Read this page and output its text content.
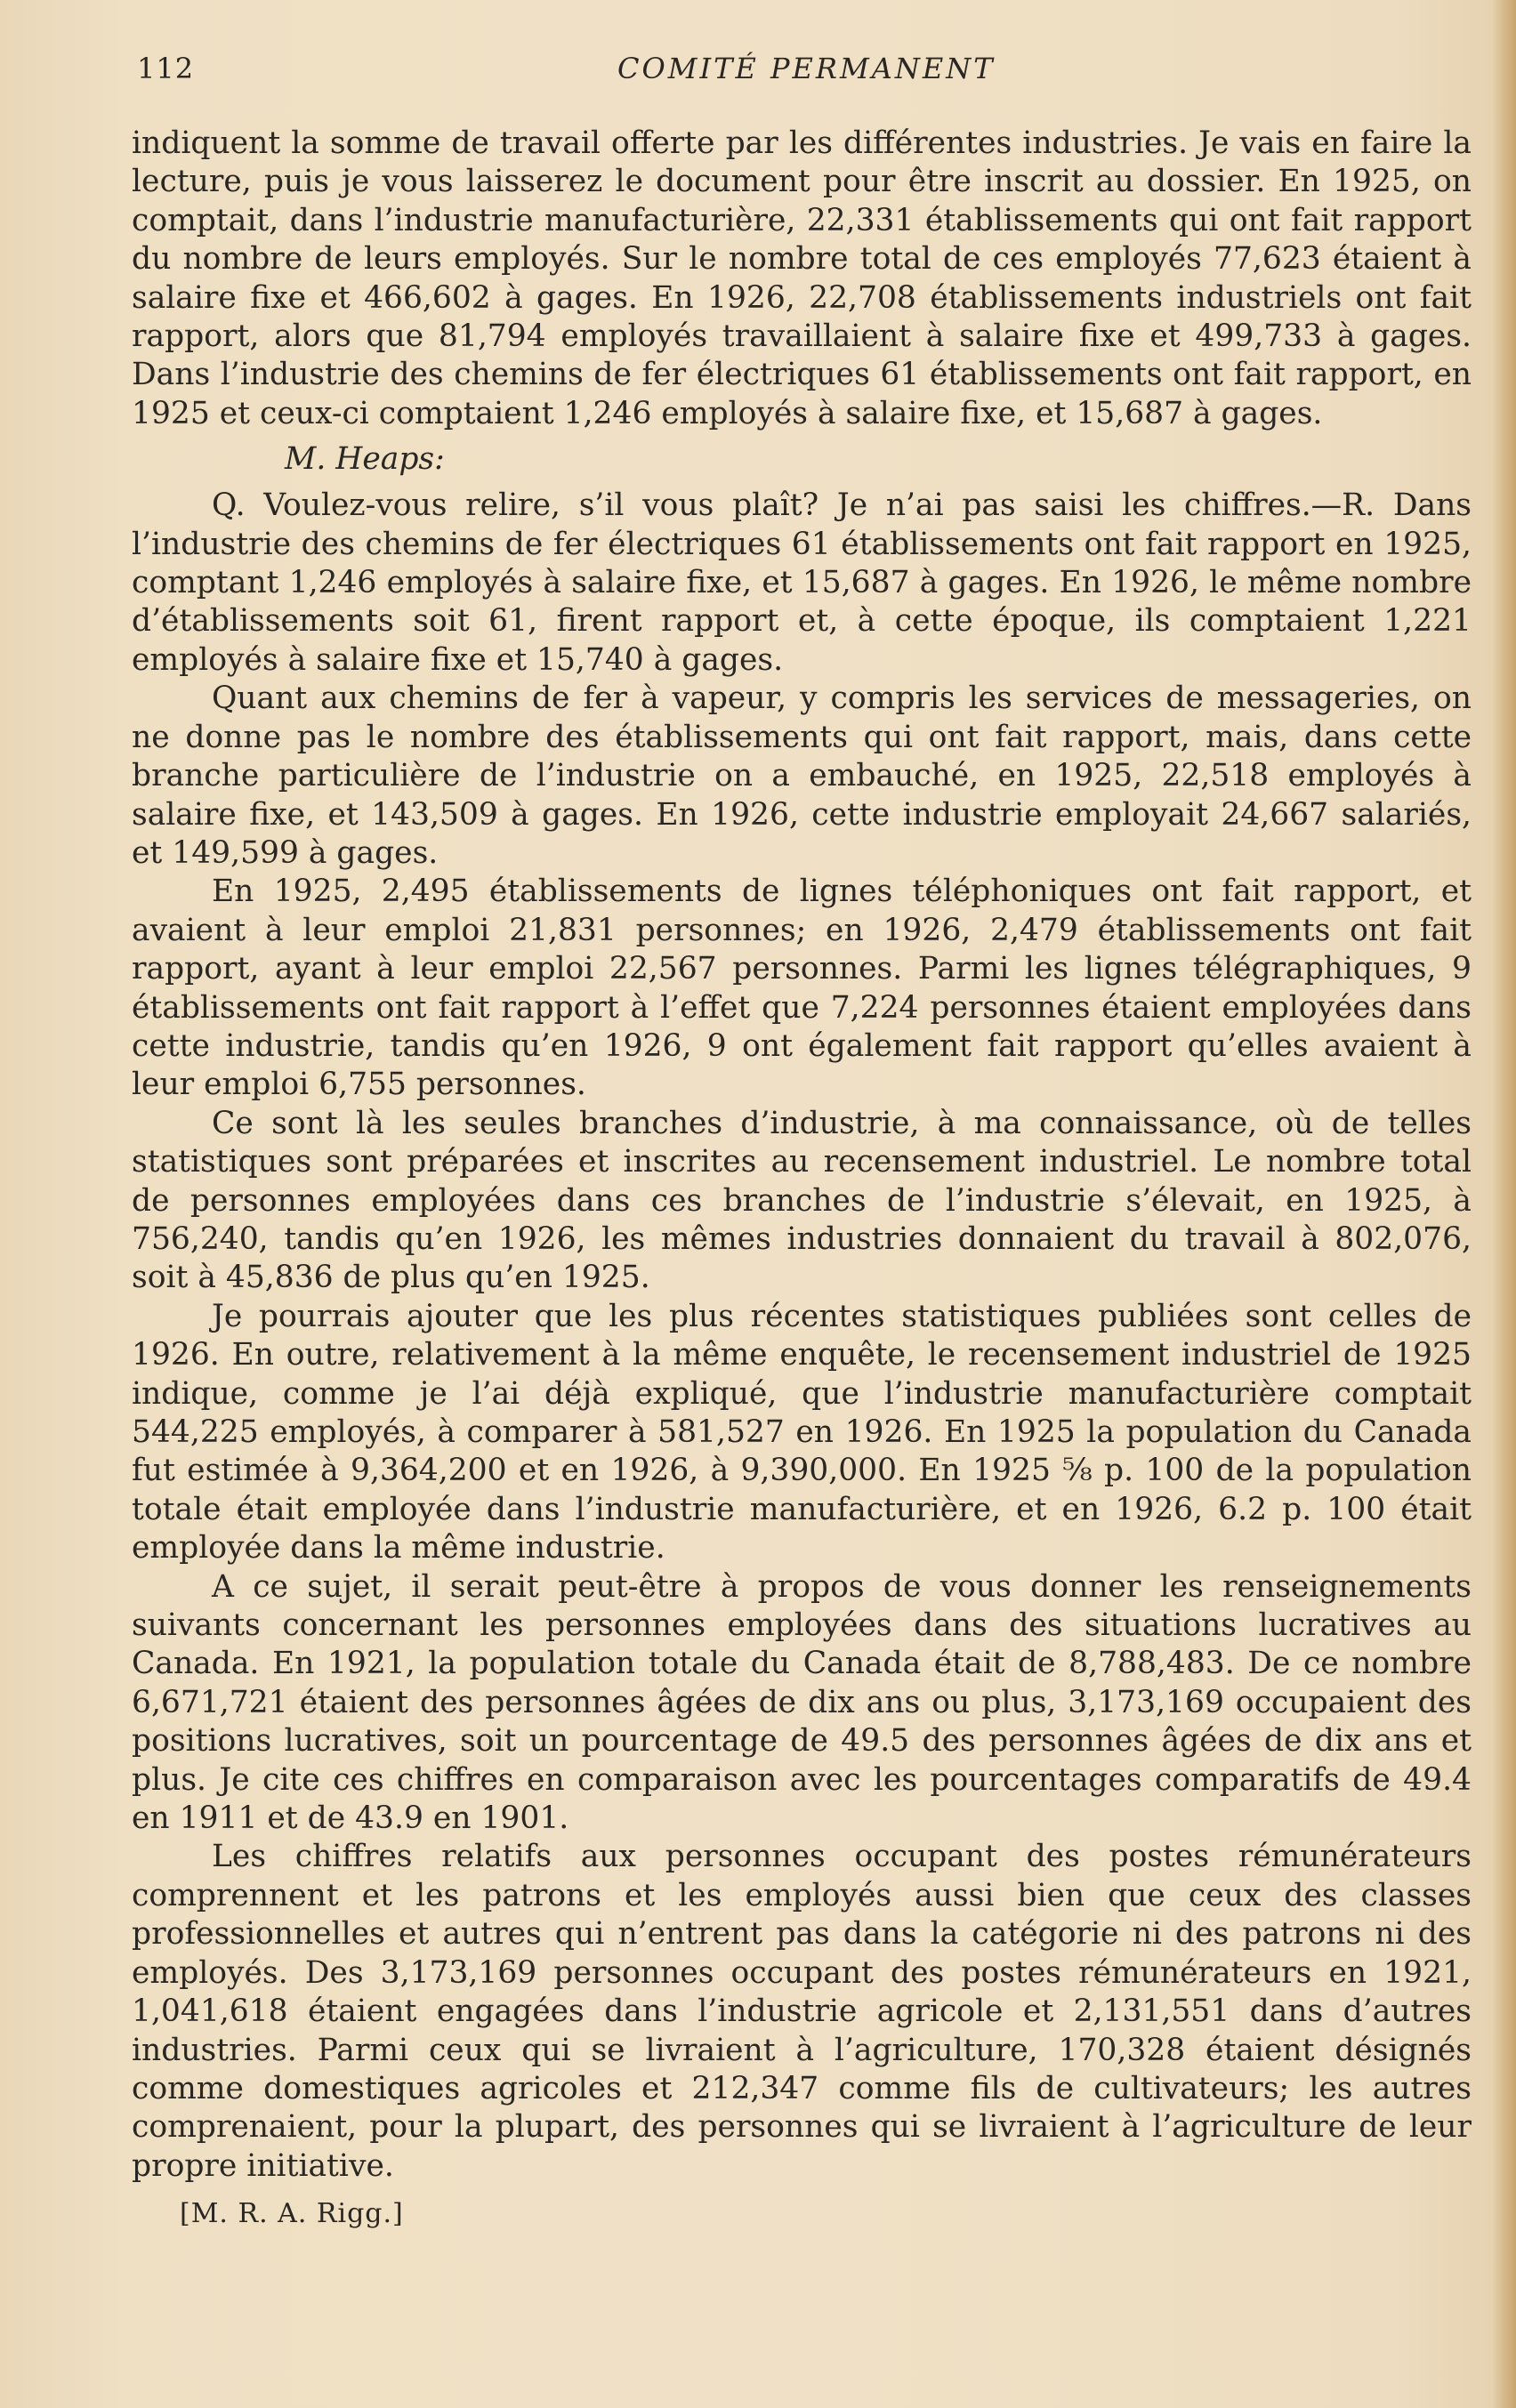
112	COMITÉ PERMANENT

indiquent la somme de travail offerte par les différentes industries. Je vais en faire la lecture, puis je vous laisserez le document pour être inscrit au dossier. En 1925, on comptait, dans l’industrie manufacturière, 22,331 établissements qui ont fait rapport du nombre de leurs employés. Sur le nombre total de ces employés 77,623 étaient à salaire fixe et 466,602 à gages. En 1926, 22,708 établissements industriels ont fait rapport, alors que 81,794 employés travaillaient à salaire fixe et 499,733 à gages. Dans l’industrie des chemins de fer électriques 61 établissements ont fait rapport, en 1925 et ceux-ci comptaient 1,246 employés à salaire fixe, et 15,687 à gages.

M. Heaps:

Q. Voulez-vous relire, s’il vous plaît? Je n’ai pas saisi les chiffres.—R. Dans l’industrie des chemins de fer électriques 61 établissements ont fait rapport en 1925, comptant 1,246 employés à salaire fixe, et 15,687 à gages. En 1926, le même nombre d’établissements soit 61, firent rapport et, à cette époque, ils comptaient 1,221 employés à salaire fixe et 15,740 à gages.

Quant aux chemins de fer à vapeur, y compris les services de messageries, on ne donne pas le nombre des établissements qui ont fait rapport, mais, dans cette branche particulière de l’industrie on a embauché, en 1925, 22,518 employés à salaire fixe, et 143,509 à gages. En 1926, cette industrie employait 24,667 salariés, et 149,599 à gages.

En 1925, 2,495 établissements de lignes téléphoniques ont fait rapport, et avaient à leur emploi 21,831 personnes; en 1926, 2,479 établissements ont fait rapport, ayant à leur emploi 22,567 personnes. Parmi les lignes télégraphiques, 9 établissements ont fait rapport à l’effet que 7,224 personnes étaient employées dans cette industrie, tandis qu’en 1926, 9 ont également fait rapport qu’elles avaient à leur emploi 6,755 personnes.

Ce sont là les seules branches d’industrie, à ma connaissance, où de telles statistiques sont préparées et inscrites au recensement industriel. Le nombre total de personnes employées dans ces branches de l’industrie s’élevait, en 1925, à 756,240, tandis qu’en 1926, les mêmes industries donnaient du travail à 802,076, soit à 45,836 de plus qu’en 1925.

Je pourrais ajouter que les plus récentes statistiques publiées sont celles de 1926. En outre, relativement à la même enquête, le recensement industriel de 1925 indique, comme je l’ai déjà expliqué, que l’industrie manufacturière comptait 544,225 employés, à comparer à 581,527 en 1926. En 1925 la population du Canada fut estimée à 9,364,200 et en 1926, à 9,390,000. En 1925 ⅝ p. 100 de la population totale était employée dans l’industrie manufacturière, et en 1926, 6.2 p. 100 était employée dans la même industrie.

A ce sujet, il serait peut-être à propos de vous donner les renseignements suivants concernant les personnes employées dans des situations lucratives au Canada. En 1921, la population totale du Canada était de 8,788,483. De ce nombre 6,671,721 étaient des personnes âgées de dix ans ou plus, 3,173,169 occupaient des positions lucratives, soit un pourcentage de 49.5 des personnes âgées de dix ans et plus. Je cite ces chiffres en comparaison avec les pourcentages comparatifs de 49.4 en 1911 et de 43.9 en 1901.

Les chiffres relatifs aux personnes occupant des postes rémunérateurs comprennent et les patrons et les employés aussi bien que ceux des classes professionnelles et autres qui n’entrent pas dans la catégorie ni des patrons ni des employés. Des 3,173,169 personnes occupant des postes rémunérateurs en 1921, 1,041,618 étaient engagées dans l’industrie agricole et 2,131,551 dans d’autres industries. Parmi ceux qui se livraient à l’agriculture, 170,328 étaient désignés comme domestiques agricoles et 212,347 comme fils de cultivateurs; les autres comprenaient, pour la plupart, des personnes qui se livraient à l’agriculture de leur propre initiative.

[M. R. A. Rigg.]
